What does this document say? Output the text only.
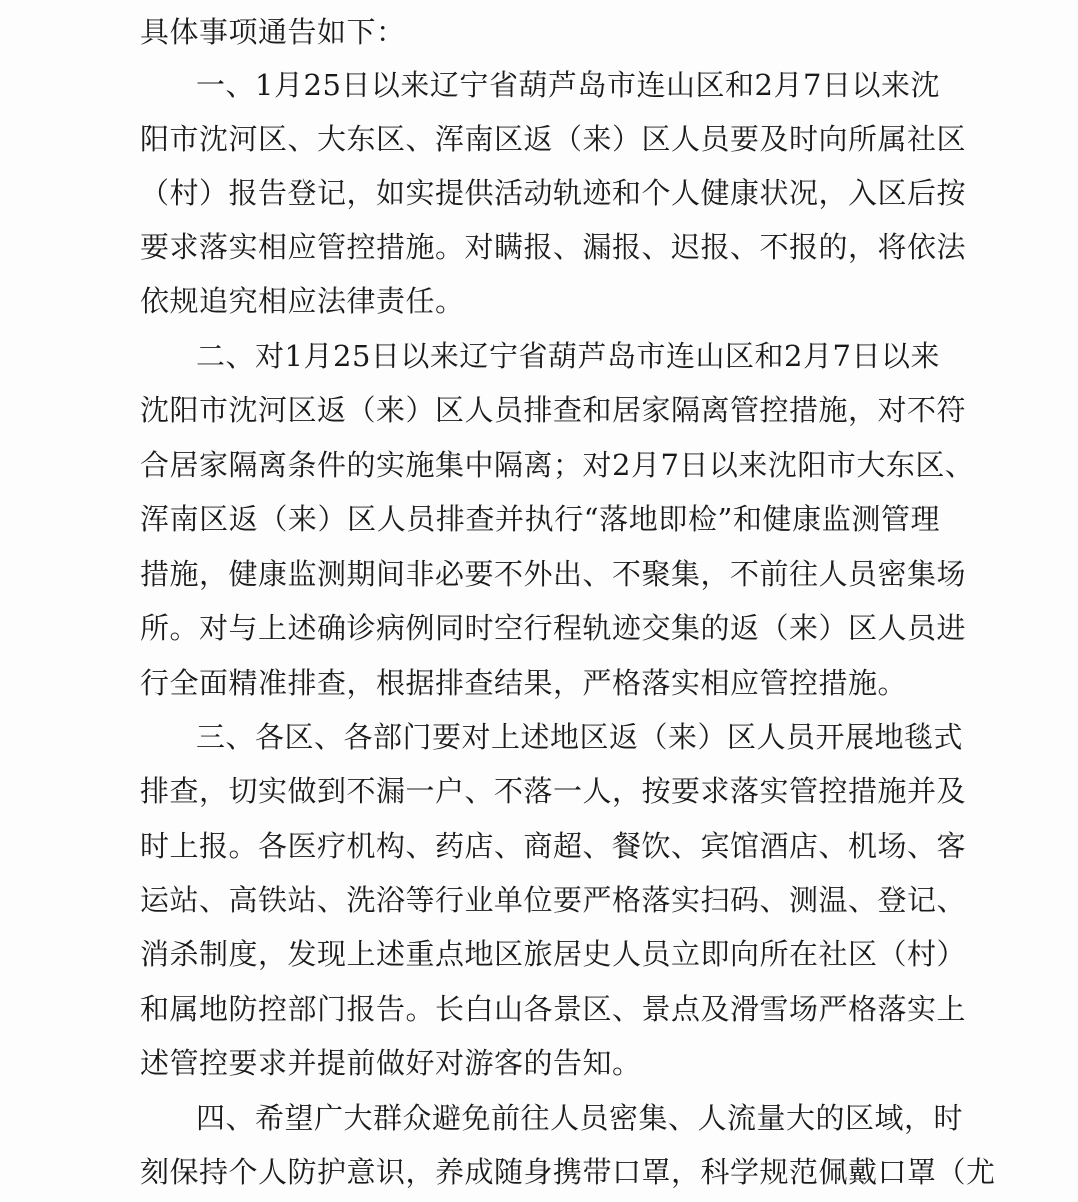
具体事项通告如下：

一、1月25日以来辽宁省葫芦岛市连山区和2月7日以来沈

阳市沈河区、大东区、浑南区返（来）区人员要及时向所属社区

（村）报告登记，如实提供活动轨迹和个人健康状况，入区后按

要求落实相应管控措施。对瞒报、漏报、迟报、不报的，将依法

依规追究相应法律责任。

二、对1月25日以来辽宁省葫芦岛市连山区和2月7日以来

沈阳市沈河区返（来）区人员排查和居家隔离管控措施，对不符

合居家隔离条件的实施集中隔离；对2月7日以来沈阳市大东区、

浑南区返（来）区人员排查并执行“落地即检”和健康监测管理

措施，健康监测期间非必要不外出、不聚集，不前往人员密集场

所。对与上述确诊病例同时空行程轨迹交集的返（来）区人员进

行全面精准排查，根据排查结果，严格落实相应管控措施。

三、各区、各部门要对上述地区返（来）区人员开展地毯式

排查，切实做到不漏一户、不落一人，按要求落实管控措施并及

时上报。各医疗机构、药店、商超、餐饮、宾馆酒店、机场、客

运站、高铁站、洗浴等行业单位要严格落实扫码、测温、登记、

消杀制度，发现上述重点地区旅居史人员立即向所在社区（村）

和属地防控部门报告。长白山各景区、景点及滑雪场严格落实上

述管控要求并提前做好对游客的告知。

四、希望广大群众避免前往人员密集、人流量大的区域，时

刻保持个人防护意识，养成随身携带口罩，科学规范佩戴口罩（尤
